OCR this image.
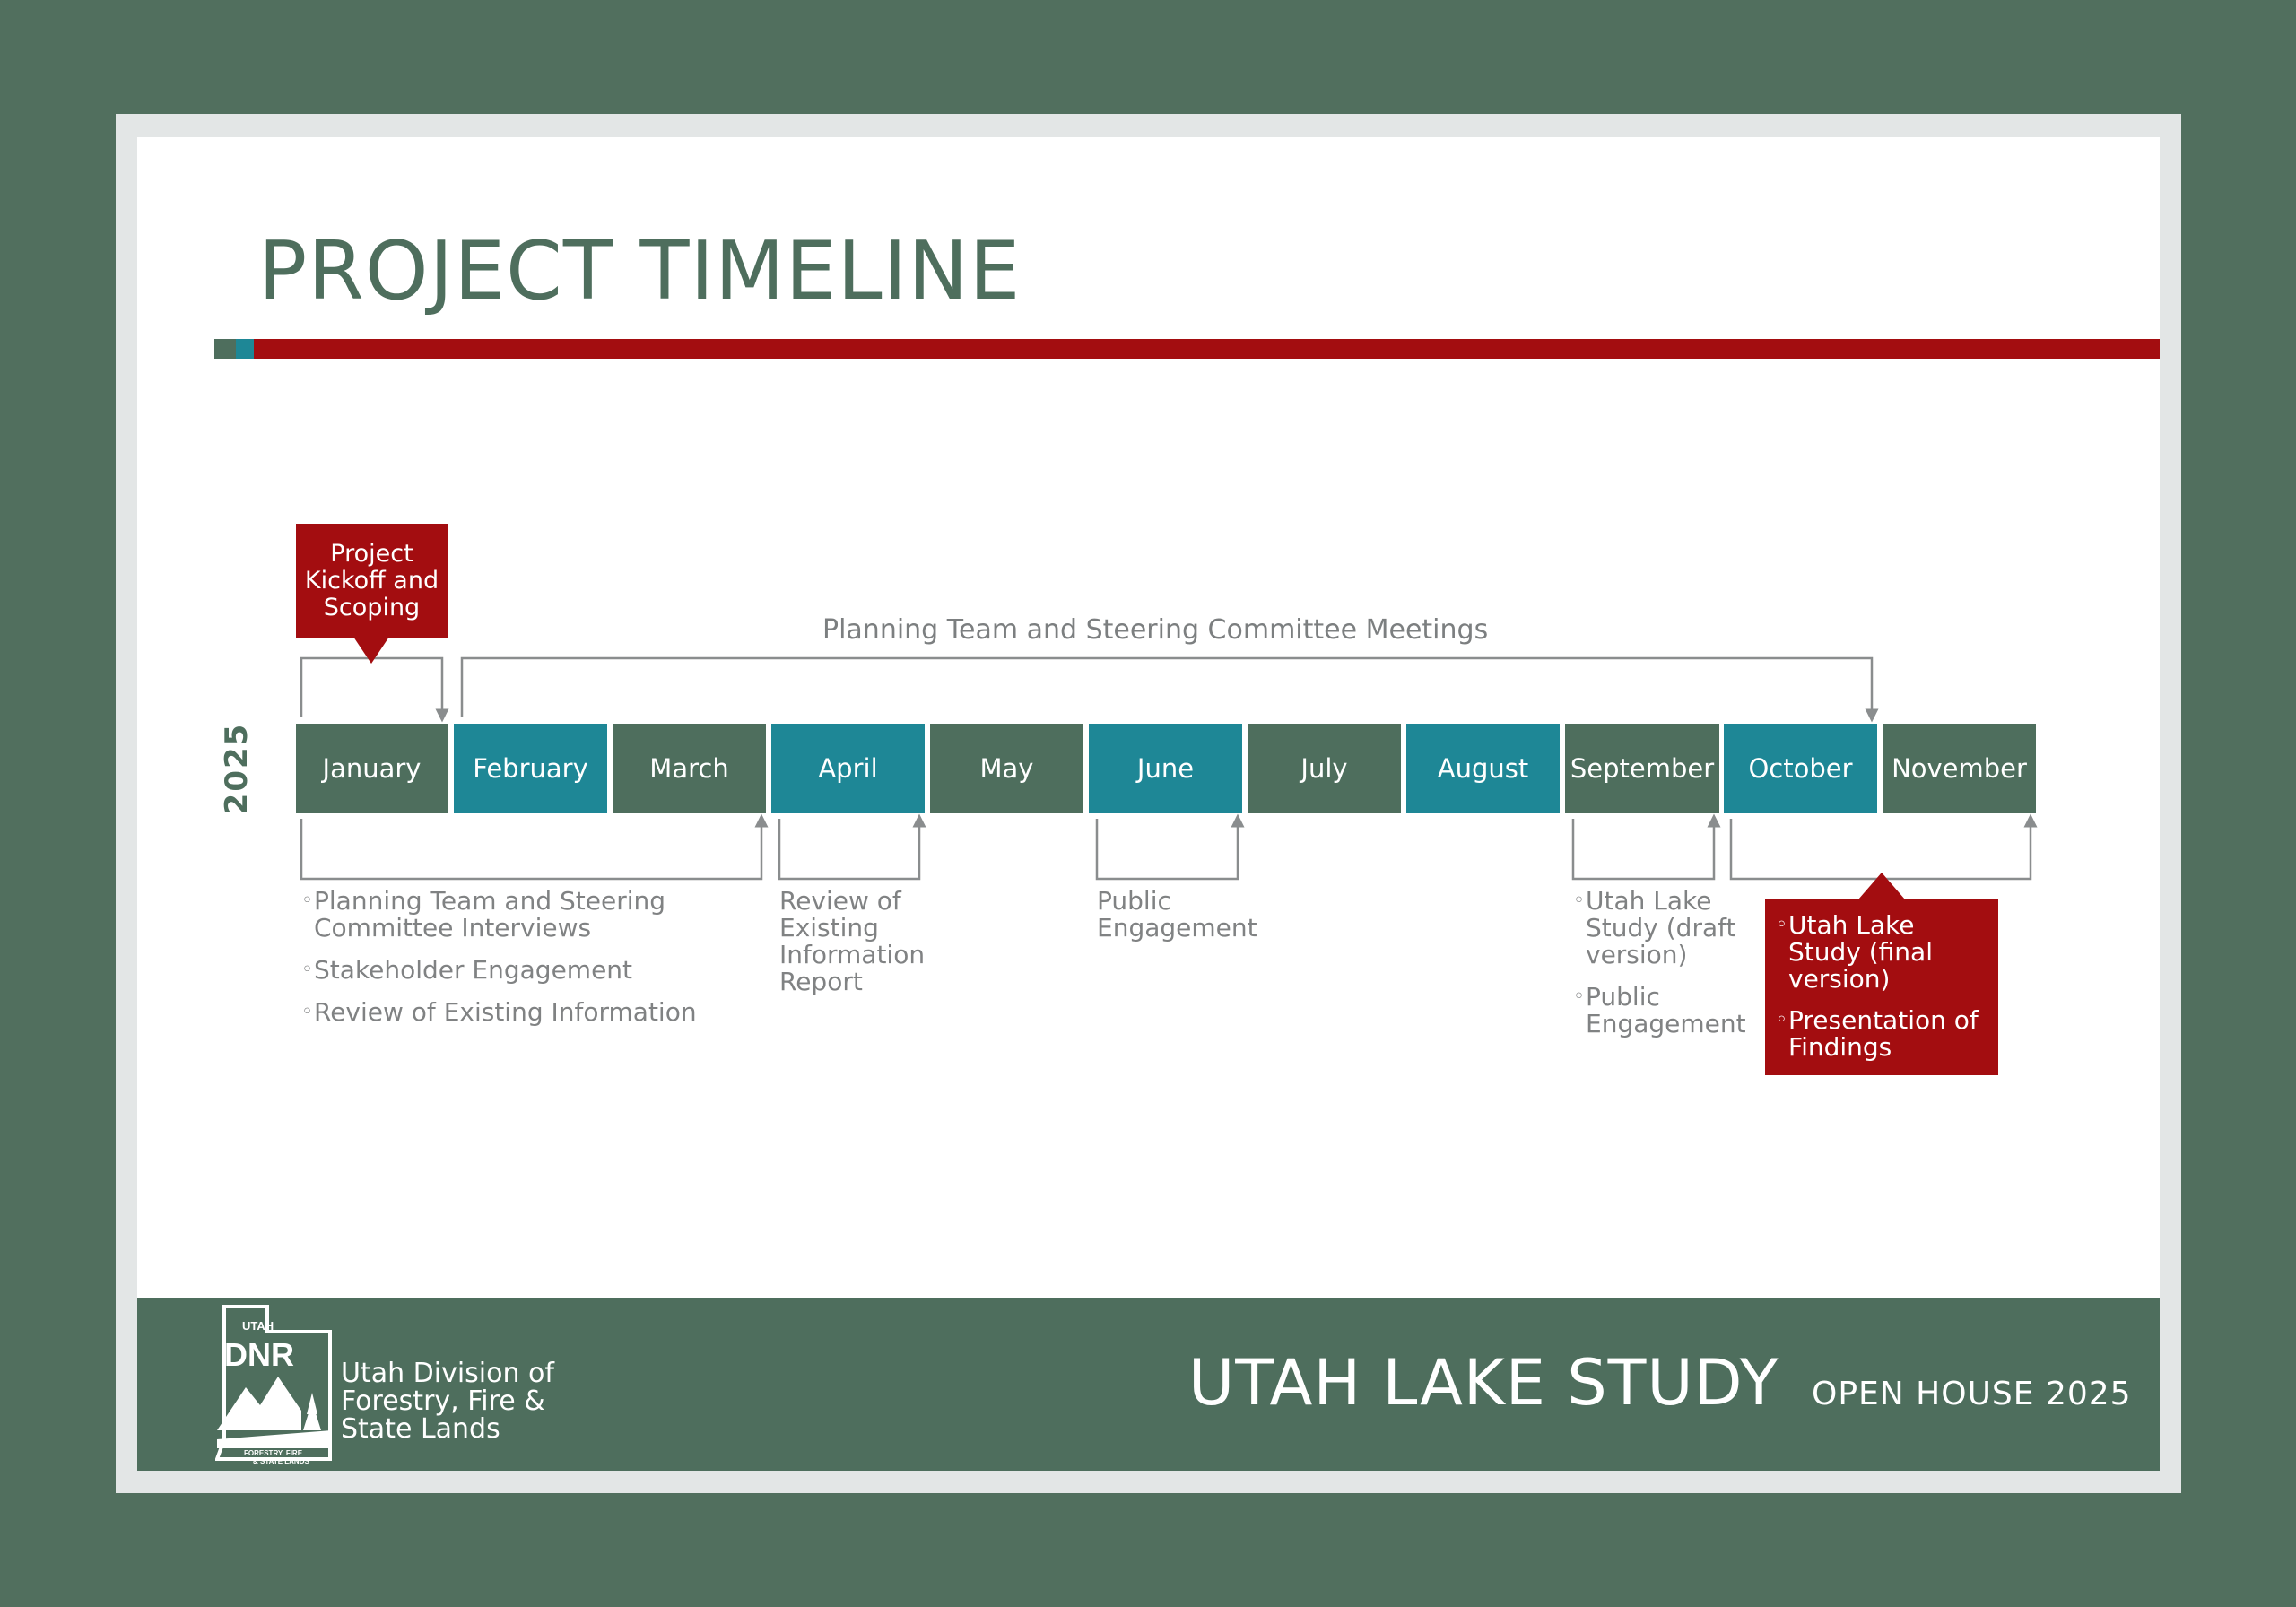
PROJECT TIMELINE
Project Kickoff and Scoping
Planning Team and Steering Committee Meetings
2025	January	February	March	April	May	June	July	August	September	October	November
◦ Planning Team and Steering Committee Interviews
◦ Stakeholder Engagement
◦ Review of Existing Information
Review of Existing Information Report
Public Engagement
◦ Utah Lake Study (draft version)
◦ Public Engagement
◦ Utah Lake Study (final version)
◦ Presentation of Findings
UTAH
DNR
FORESTRY, FIRE
& STATE LANDS
Utah Division of Forestry, Fire & State Lands
UTAH LAKE STUDY OPEN HOUSE 2025
